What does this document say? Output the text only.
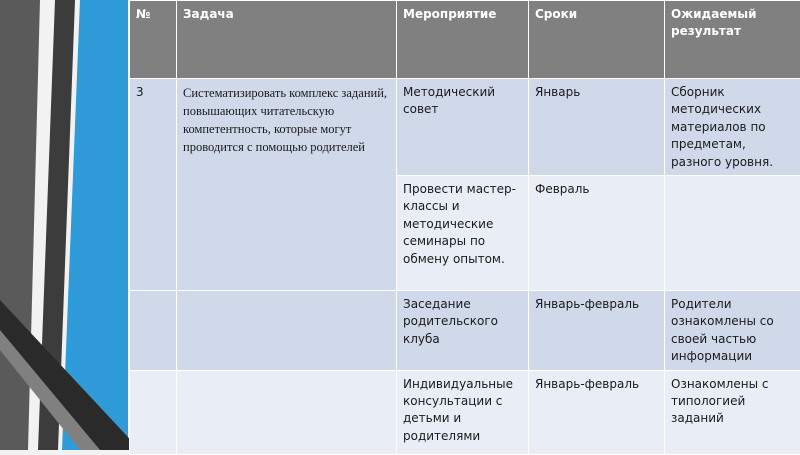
№	Задача	Мероприятие	Сроки	Ожидаемый результат
3	Систематизировать комплекс заданий, повышающих читательскую компетентность, которые могут проводится с помощью родителей	Методический совет	Январь	Сборник методических материалов по предметам, разного уровня.
		Провести мастер-классы и методические семинары по обмену опытом.	Февраль	
		Заседание родительского клуба	Январь-февраль	Родители ознакомлены со своей частью информации
		Индивидуальные консультации с детьми и родителями	Январь-февраль	Ознакомлены с типологией заданий
